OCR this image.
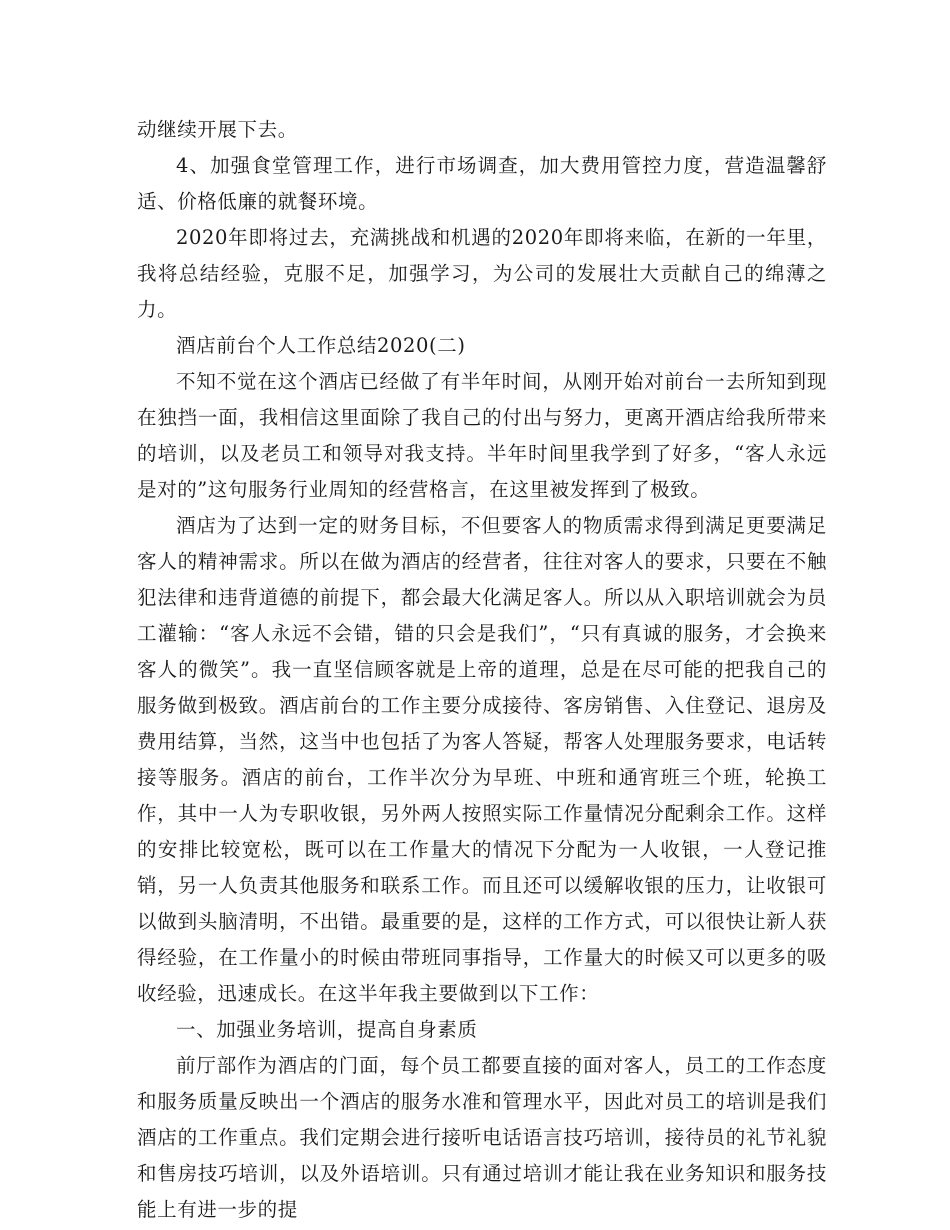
动继续开展下去。

4、加强食堂管理工作，进行市场调查，加大费用管控力度，营造温馨舒适、价格低廉的就餐环境。

2020年即将过去，充满挑战和机遇的2020年即将来临，在新的一年里，我将总结经验，克服不足，加强学习，为公司的发展壮大贡献自己的绵薄之力。

酒店前台个人工作总结2020(二)

不知不觉在这个酒店已经做了有半年时间，从刚开始对前台一去所知到现在独挡一面，我相信这里面除了我自己的付出与努力，更离开酒店给我所带来的培训，以及老员工和领导对我支持。半年时间里我学到了好多，“客人永远是对的”这句服务行业周知的经营格言，在这里被发挥到了极致。

酒店为了达到一定的财务目标，不但要客人的物质需求得到满足更要满足客人的精神需求。所以在做为酒店的经营者，往往对客人的要求，只要在不触犯法律和违背道德的前提下，都会最大化满足客人。所以从入职培训就会为员工灌输：“客人永远不会错，错的只会是我们”，“只有真诚的服务，才会换来客人的微笑”。我一直坚信顾客就是上帝的道理，总是在尽可能的把我自己的服务做到极致。酒店前台的工作主要分成接待、客房销售、入住登记、退房及费用结算，当然，这当中也包括了为客人答疑，帮客人处理服务要求，电话转接等服务。酒店的前台，工作半次分为早班、中班和通宵班三个班，轮换工作，其中一人为专职收银，另外两人按照实际工作量情况分配剩余工作。这样的安排比较宽松，既可以在工作量大的情况下分配为一人收银，一人登记推销，另一人负责其他服务和联系工作。而且还可以缓解收银的压力，让收银可以做到头脑清明，不出错。最重要的是，这样的工作方式，可以很快让新人获得经验，在工作量小的时候由带班同事指导，工作量大的时候又可以更多的吸收经验，迅速成长。在这半年我主要做到以下工作：

一、加强业务培训，提高自身素质

前厅部作为酒店的门面，每个员工都要直接的面对客人，员工的工作态度和服务质量反映出一个酒店的服务水准和管理水平，因此对员工的培训是我们酒店的工作重点。我们定期会进行接听电话语言技巧培训，接待员的礼节礼貌和售房技巧培训，以及外语培训。只有通过培训才能让我在业务知识和服务技能上有进一步的提
